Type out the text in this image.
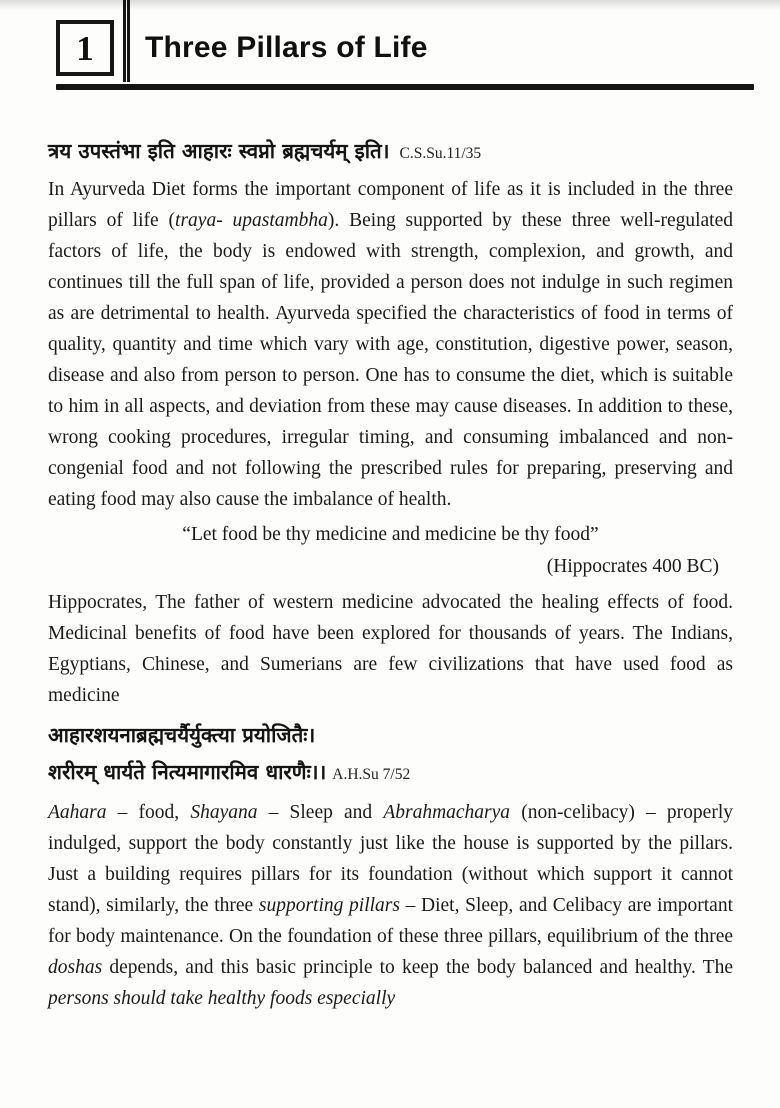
1 Three Pillars of Life

त्रय उपस्तंभा इति आहारः स्वप्नो ब्रह्मचर्यम् इति। C.S.Su.11/35

In Ayurveda Diet forms the important component of life as it is included in the three pillars of life (traya- upastambha). Being supported by these three well-regulated factors of life, the body is endowed with strength, complexion, and growth, and continues till the full span of life, provided a person does not indulge in such regimen as are detrimental to health. Ayurveda specified the characteristics of food in terms of quality, quantity and time which vary with age, constitution, digestive power, season, disease and also from person to person. One has to consume the diet, which is suitable to him in all aspects, and deviation from these may cause diseases. In addition to these, wrong cooking procedures, irregular timing, and consuming imbalanced and non-congenial food and not following the prescribed rules for preparing, preserving and eating food may also cause the imbalance of health.

“Let food be thy medicine and medicine be thy food”

(Hippocrates 400 BC)

Hippocrates, The father of western medicine advocated the healing effects of food. Medicinal benefits of food have been explored for thousands of years. The Indians, Egyptians, Chinese, and Sumerians are few civilizations that have used food as medicine

आहारशयनाब्रह्मचर्यैर्युक्त्या प्रयोजितैः।
शरीरम् धार्यते नित्यमागारमिव धारणैः।। A.H.Su 7/52

Aahara – food, Shayana – Sleep and Abrahmacharya (non-celibacy) – properly indulged, support the body constantly just like the house is supported by the pillars. Just a building requires pillars for its foundation (without which support it cannot stand), similarly, the three supporting pillars – Diet, Sleep, and Celibacy are important for body maintenance. On the foundation of these three pillars, equilibrium of the three doshas depends, and this basic principle to keep the body balanced and healthy. The persons should take healthy foods especially
